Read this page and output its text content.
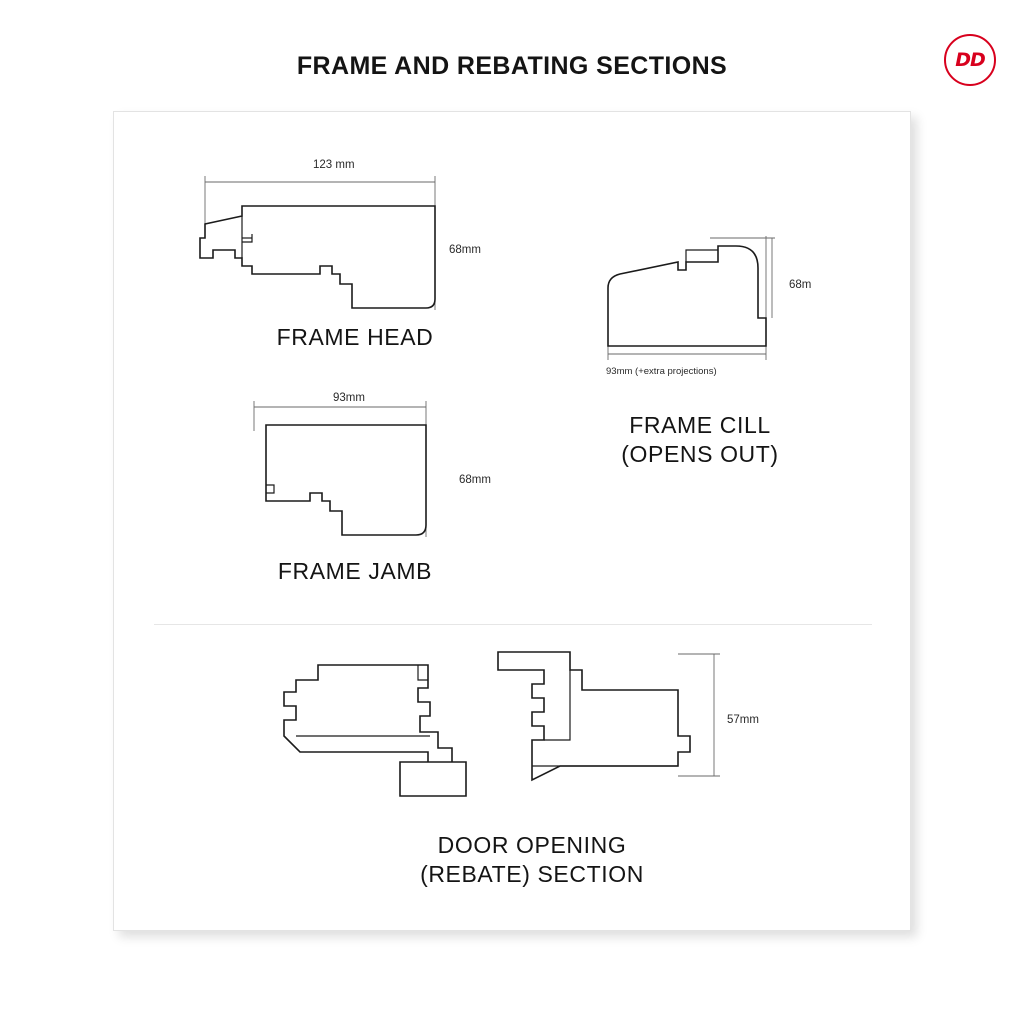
FRAME AND REBATING SECTIONS	DD
123 mm
68mm
FRAME HEAD
68m
93mm (+extra projections)
FRAME CILL
(OPENS OUT)
93mm
68mm
FRAME JAMB
57mm
DOOR OPENING
(REBATE) SECTION
